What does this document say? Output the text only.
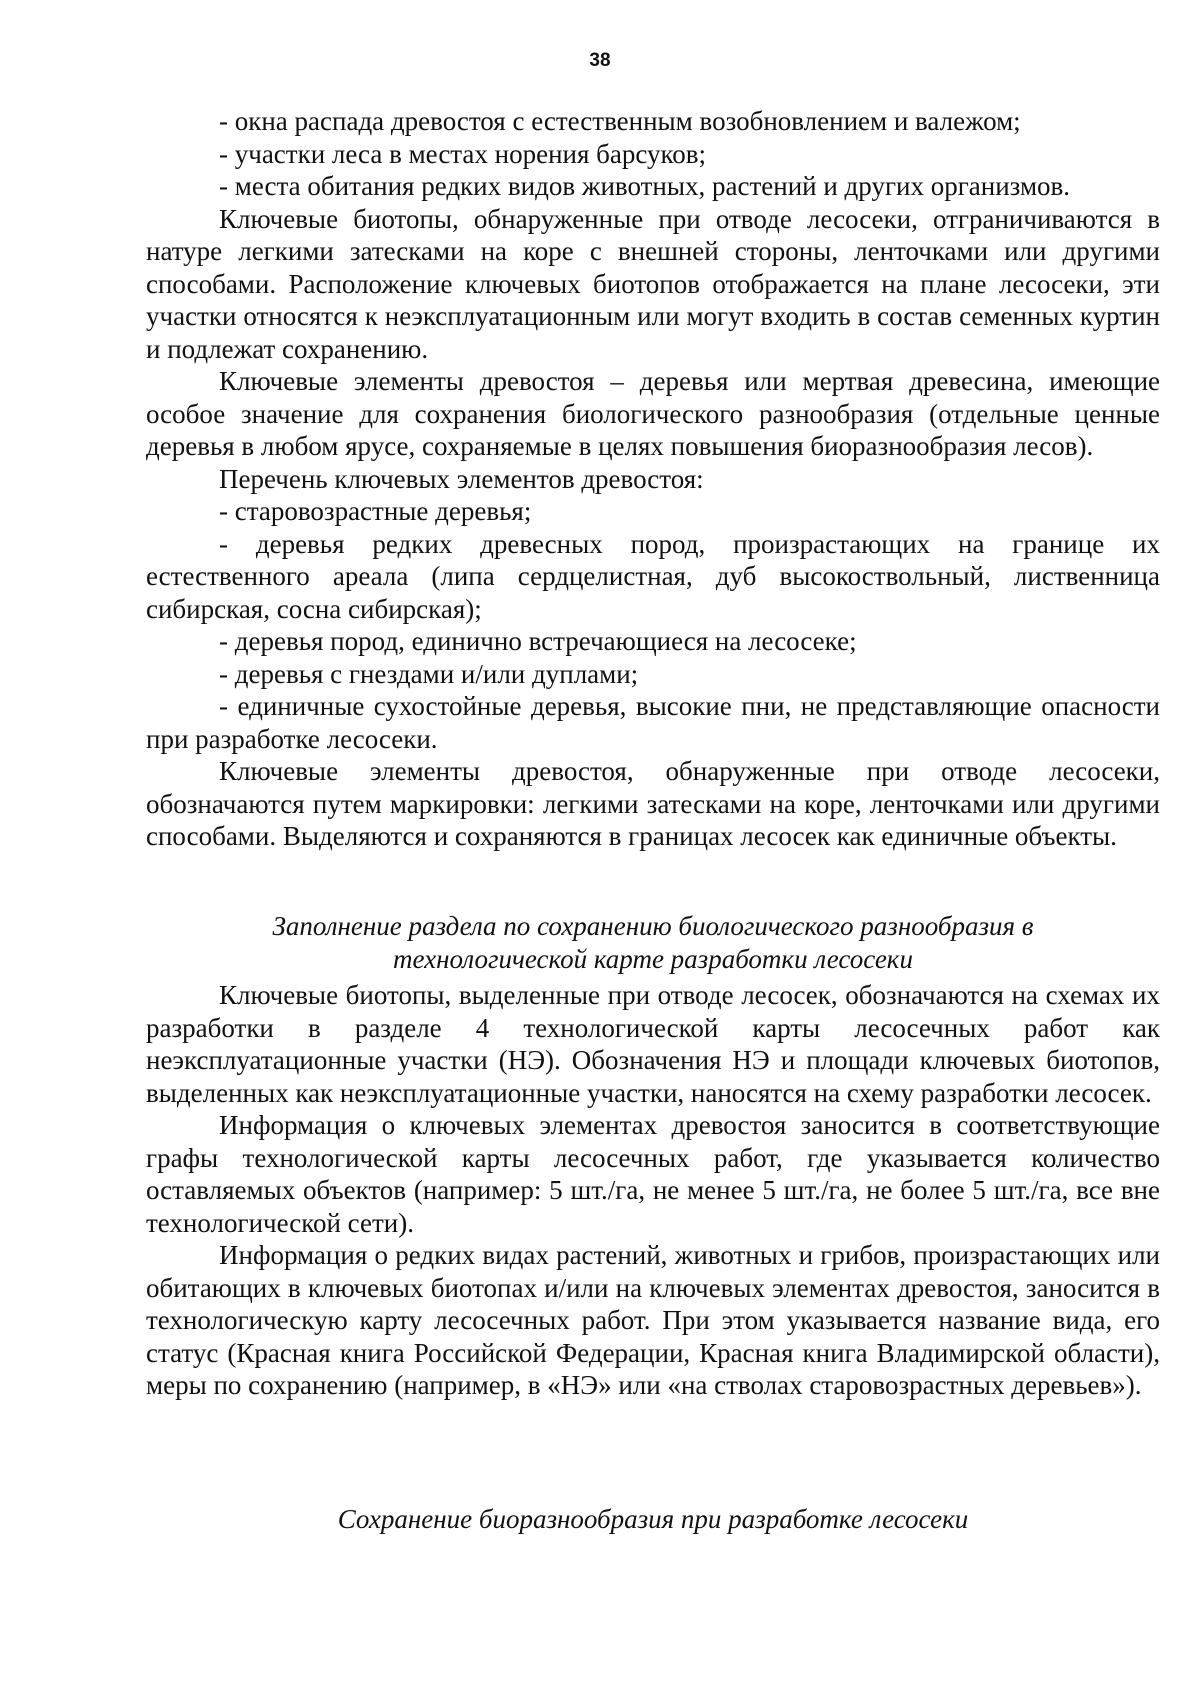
38

- окна распада древостоя с естественным возобновлением и валежом;

- участки леса в местах норения барсуков;

- места обитания редких видов животных, растений и других организмов.

Ключевые биотопы, обнаруженные при отводе лесосеки, отграничиваются в натуре легкими затесками на коре с внешней стороны, ленточками или другими способами. Расположение ключевых биотопов отображается на плане лесосеки, эти участки относятся к неэксплуатационным или могут входить в состав семенных куртин и подлежат сохранению.

Ключевые элементы древостоя – деревья или мертвая древесина, имеющие особое значение для сохранения биологического разнообразия (отдельные ценные деревья в любом ярусе, сохраняемые в целях повышения биоразнообразия лесов).

Перечень ключевых элементов древостоя:

- старовозрастные деревья;

- деревья редких древесных пород, произрастающих на границе их естественного ареала (липа сердцелистная, дуб высокоствольный, лиственница сибирская, сосна сибирская);

- деревья пород, единично встречающиеся на лесосеке;

- деревья с гнездами и/или дуплами;

- единичные сухостойные деревья, высокие пни, не представляющие опасности при разработке лесосеки.

Ключевые элементы древостоя, обнаруженные при отводе лесосеки, обозначаются путем маркировки: легкими затесками на коре, ленточками или другими способами. Выделяются и сохраняются в границах лесосек как единичные объекты.

Заполнение раздела по сохранению биологического разнообразия в
технологической карте разработки лесосеки

Ключевые биотопы, выделенные при отводе лесосек, обозначаются на схемах их разработки в разделе 4 технологической карты лесосечных работ как неэксплуатационные участки (НЭ). Обозначения НЭ и площади ключевых биотопов, выделенных как неэксплуатационные участки, наносятся на схему разработки лесосек.

Информация о ключевых элементах древостоя заносится в соответствующие графы технологической карты лесосечных работ, где указывается количество оставляемых объектов (например: 5 шт./га, не менее 5 шт./га, не более 5 шт./га, все вне технологической сети).

Информация о редких видах растений, животных и грибов, произрастающих или обитающих в ключевых биотопах и/или на ключевых элементах древостоя, заносится в технологическую карту лесосечных работ. При этом указывается название вида, его статус (Красная книга Российской Федерации, Красная книга Владимирской области), меры по сохранению (например, в «НЭ» или «на стволах старовозрастных деревьев»).

Сохранение биоразнообразия при разработке лесосеки
